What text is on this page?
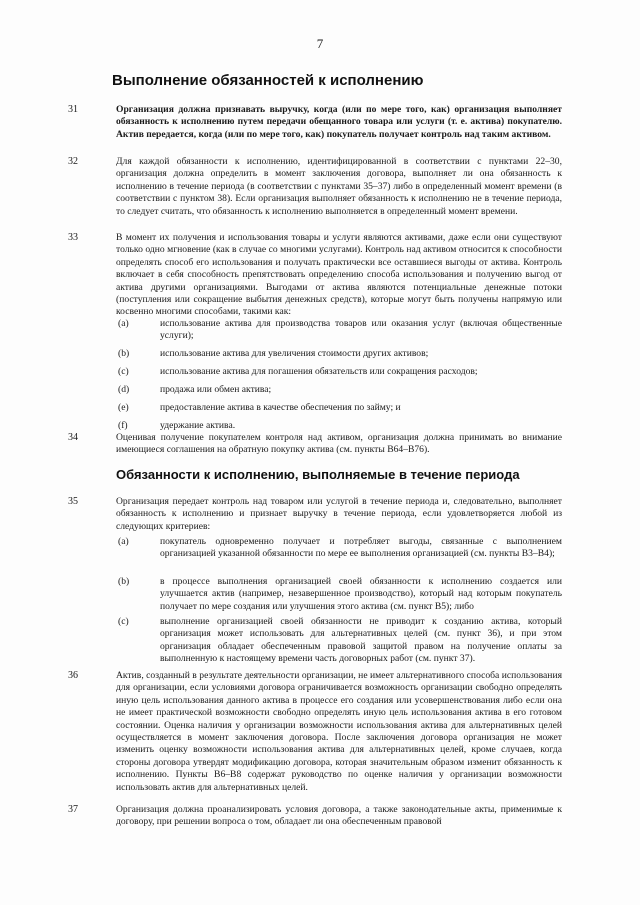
7
Выполнение обязанностей к исполнению
31	Организация должна признавать выручку, когда (или по мере того, как) организация выполняет обязанность к исполнению путем передачи обещанного товара или услуги (т. е. актива) покупателю. Актив передается, когда (или по мере того, как) покупатель получает контроль над таким активом.
32	Для каждой обязанности к исполнению, идентифицированной в соответствии с пунктами 22–30, организация должна определить в момент заключения договора, выполняет ли она обязанность к исполнению в течение периода (в соответствии с пунктами 35–37) либо в определенный момент времени (в соответствии с пунктом 38). Если организация выполняет обязанность к исполнению не в течение периода, то следует считать, что обязанность к исполнению выполняется в определенный момент времени.
33	В момент их получения и использования товары и услуги являются активами, даже если они существуют только одно мгновение (как в случае со многими услугами). Контроль над активом относится к способности определять способ его использования и получать практически все оставшиеся выгоды от актива. Контроль включает в себя способность препятствовать определению способа использования и получению выгод от актива другими организациями. Выгодами от актива являются потенциальные денежные потоки (поступления или сокращение выбытия денежных средств), которые могут быть получены напрямую или косвенно многими способами, такими как:
(a)	использование актива для производства товаров или оказания услуг (включая общественные услуги);
(b)	использование актива для увеличения стоимости других активов;
(c)	использование актива для погашения обязательств или сокращения расходов;
(d)	продажа или обмен актива;
(e)	предоставление актива в качестве обеспечения по займу; и
(f)	удержание актива.
34	Оценивая получение покупателем контроля над активом, организация должна принимать во внимание имеющиеся соглашения на обратную покупку актива (см. пункты B64–B76).
Обязанности к исполнению, выполняемые в течение периода
35	Организация передает контроль над товаром или услугой в течение периода и, следовательно, выполняет обязанность к исполнению и признает выручку в течение периода, если удовлетворяется любой из следующих критериев:
(a)	покупатель одновременно получает и потребляет выгоды, связанные с выполнением организацией указанной обязанности по мере ее выполнения организацией (см. пункты B3–B4);
(b)	в процессе выполнения организацией своей обязанности к исполнению создается или улучшается актив (например, незавершенное производство), который над которым покупатель получает по мере создания или улучшения этого актива (см. пункт B5); либо
(c)	выполнение организацией своей обязанности не приводит к созданию актива, который организация может использовать для альтернативных целей (см. пункт 36), и при этом организация обладает обеспеченным правовой защитой правом на получение оплаты за выполненную к настоящему времени часть договорных работ (см. пункт 37).
36	Актив, созданный в результате деятельности организации, не имеет альтернативного способа использования для организации, если условиями договора ограничивается возможность организации свободно определять иную цель использования данного актива в процессе его создания или усовершенствования либо если она не имеет практической возможности свободно определять иную цель использования актива в его готовом состоянии. Оценка наличия у организации возможности использования актива для альтернативных целей осуществляется в момент заключения договора. После заключения договора организация не может изменить оценку возможности использования актива для альтернативных целей, кроме случаев, когда стороны договора утвердят модификацию договора, которая значительным образом изменит обязанность к исполнению. Пункты B6–B8 содержат руководство по оценке наличия у организации возможности использовать актив для альтернативных целей.
37	Организация должна проанализировать условия договора, а также законодательные акты, применимые к договору, при решении вопроса о том, обладает ли она обеспеченным правовой
